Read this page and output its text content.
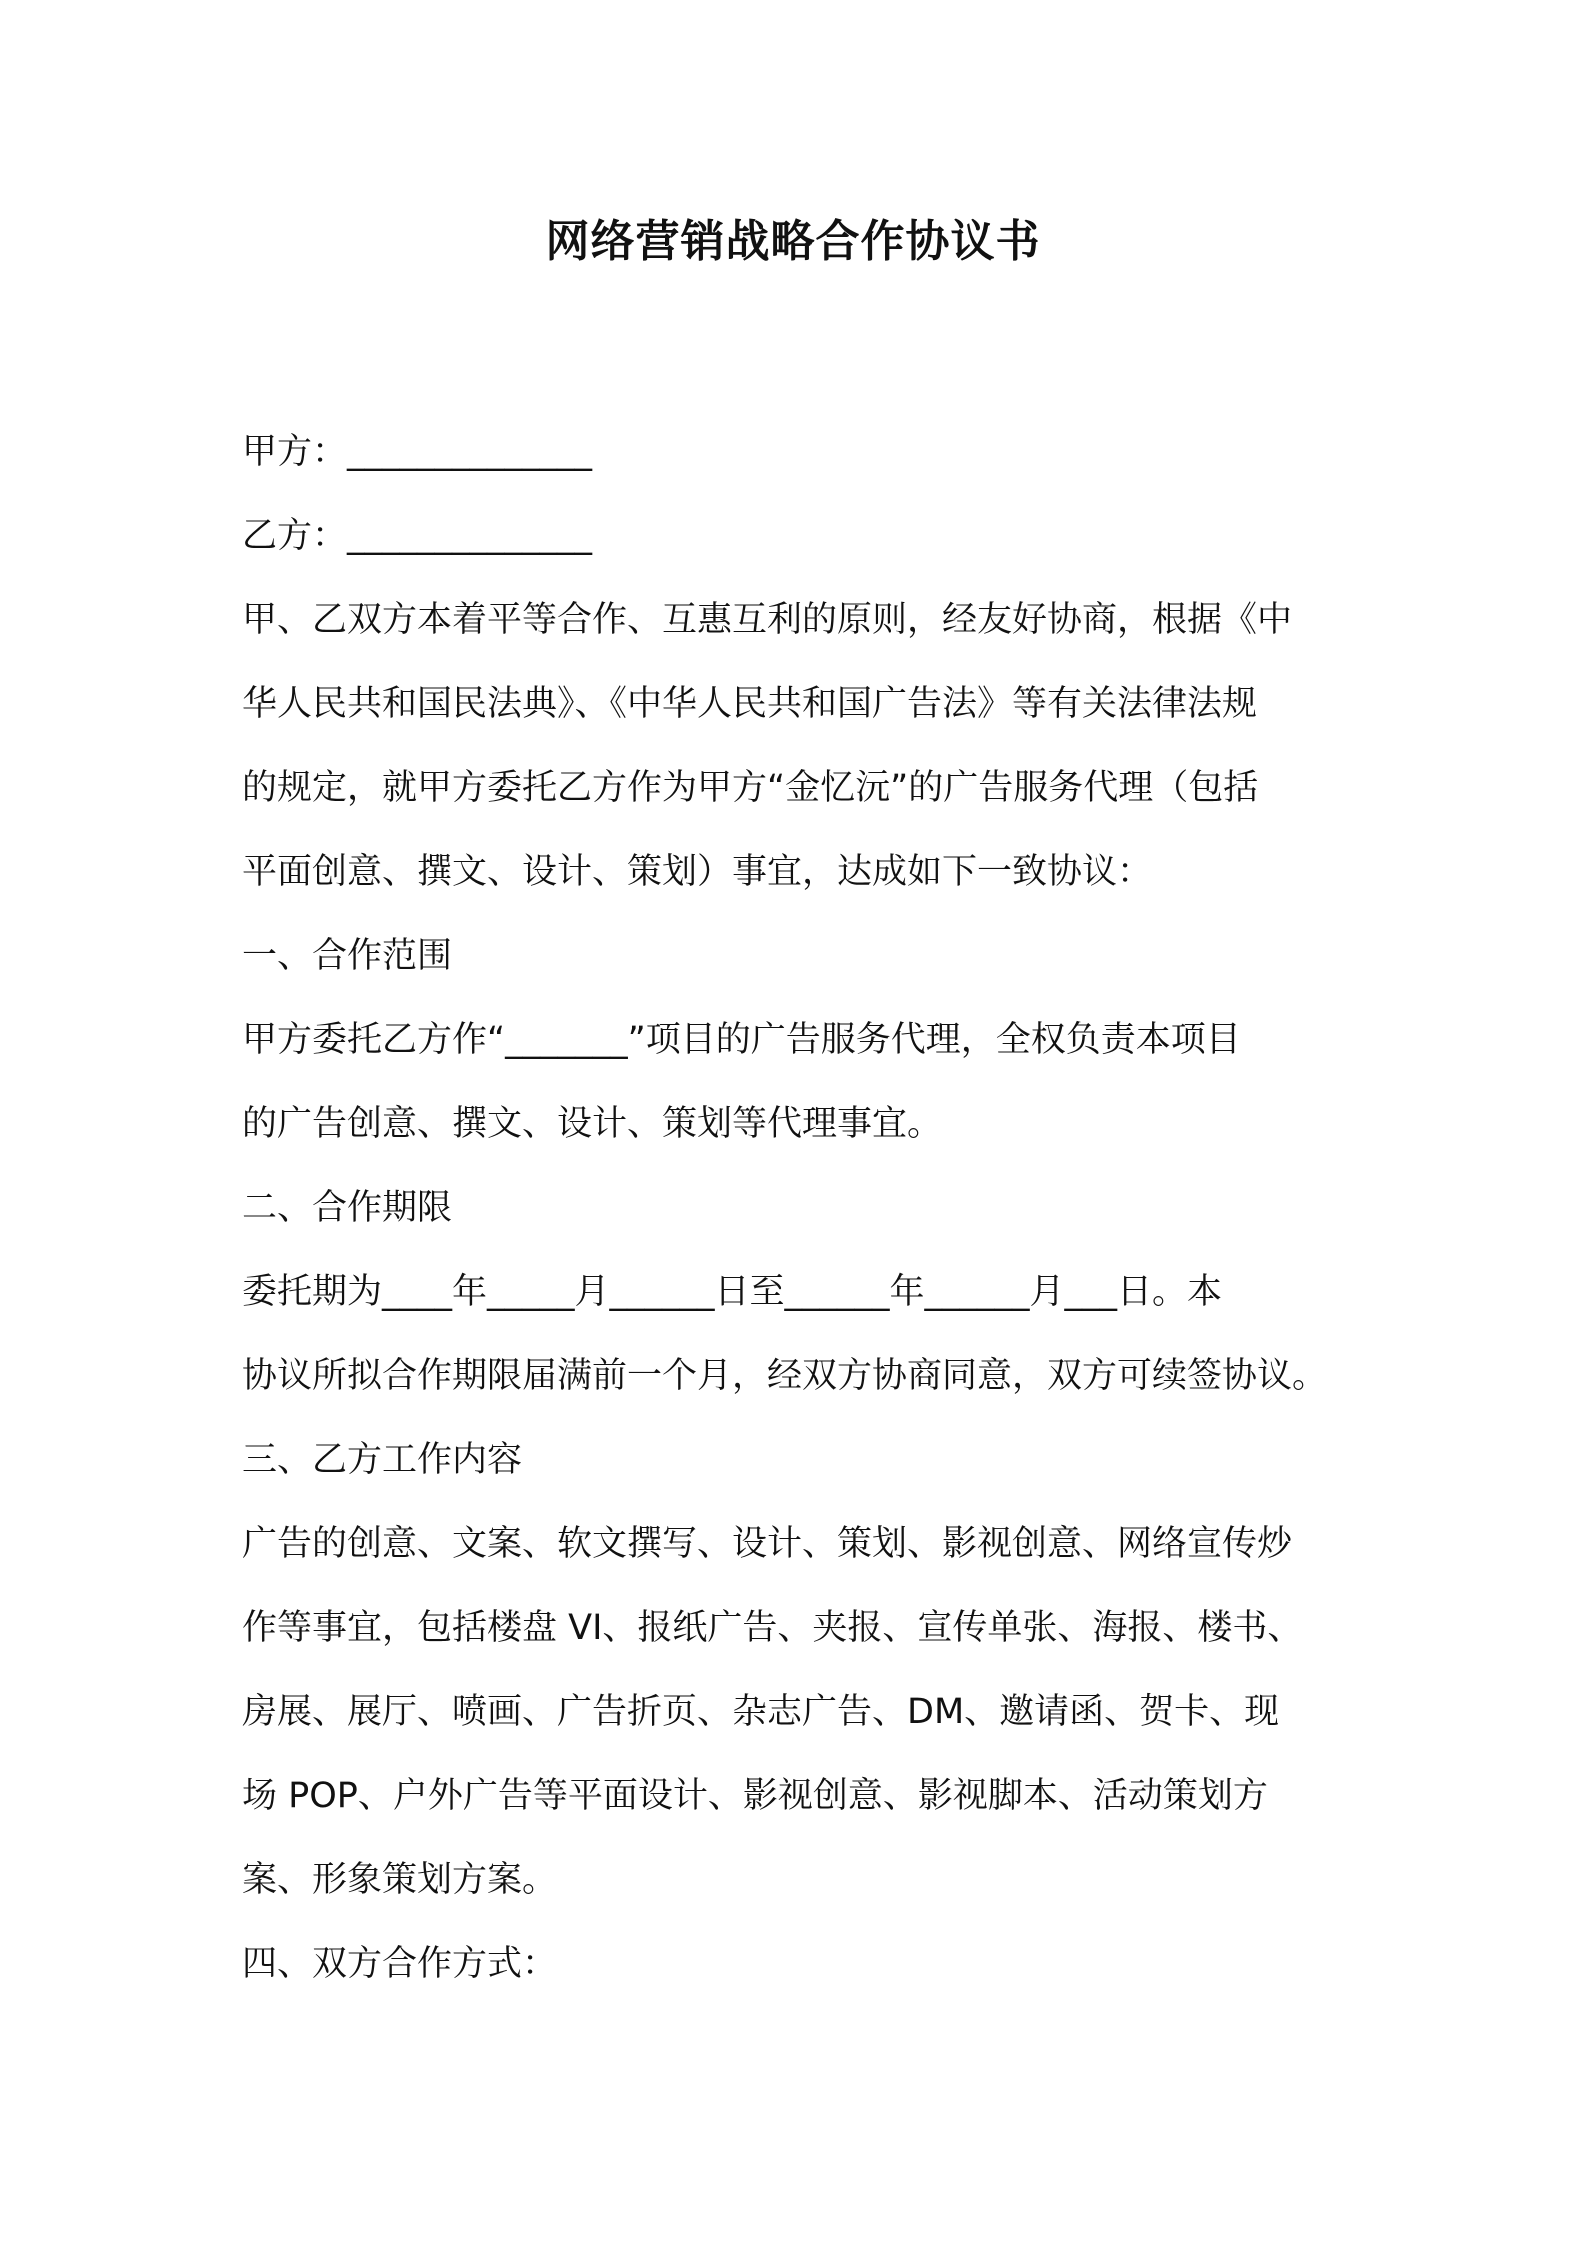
网络营销战略合作协议书
甲方：______________
乙方：______________
甲、乙双方本着平等合作、互惠互利的原则，经友好协商，根据《中
华人民共和国民法典》、《中华人民共和国广告法》等有关法律法规
的规定，就甲方委托乙方作为甲方“金忆沅”的广告服务代理（包括
平面创意、撰文、设计、策划）事宜，达成如下一致协议：
一、合作范围
甲方委托乙方作“_______”项目的广告服务代理，全权负责本项目
的广告创意、撰文、设计、策划等代理事宜。
二、合作期限
委托期为____年_____月______日至______年______月___日。本
协议所拟合作期限届满前一个月，经双方协商同意，双方可续签协议。
三、乙方工作内容
广告的创意、文案、软文撰写、设计、策划、影视创意、网络宣传炒
作等事宜，包括楼盘 VI、报纸广告、夹报、宣传单张、海报、楼书、
房展、展厅、喷画、广告折页、杂志广告、DM、邀请函、贺卡、现
场 POP、户外广告等平面设计、影视创意、影视脚本、活动策划方
案、形象策划方案。
四、双方合作方式：
